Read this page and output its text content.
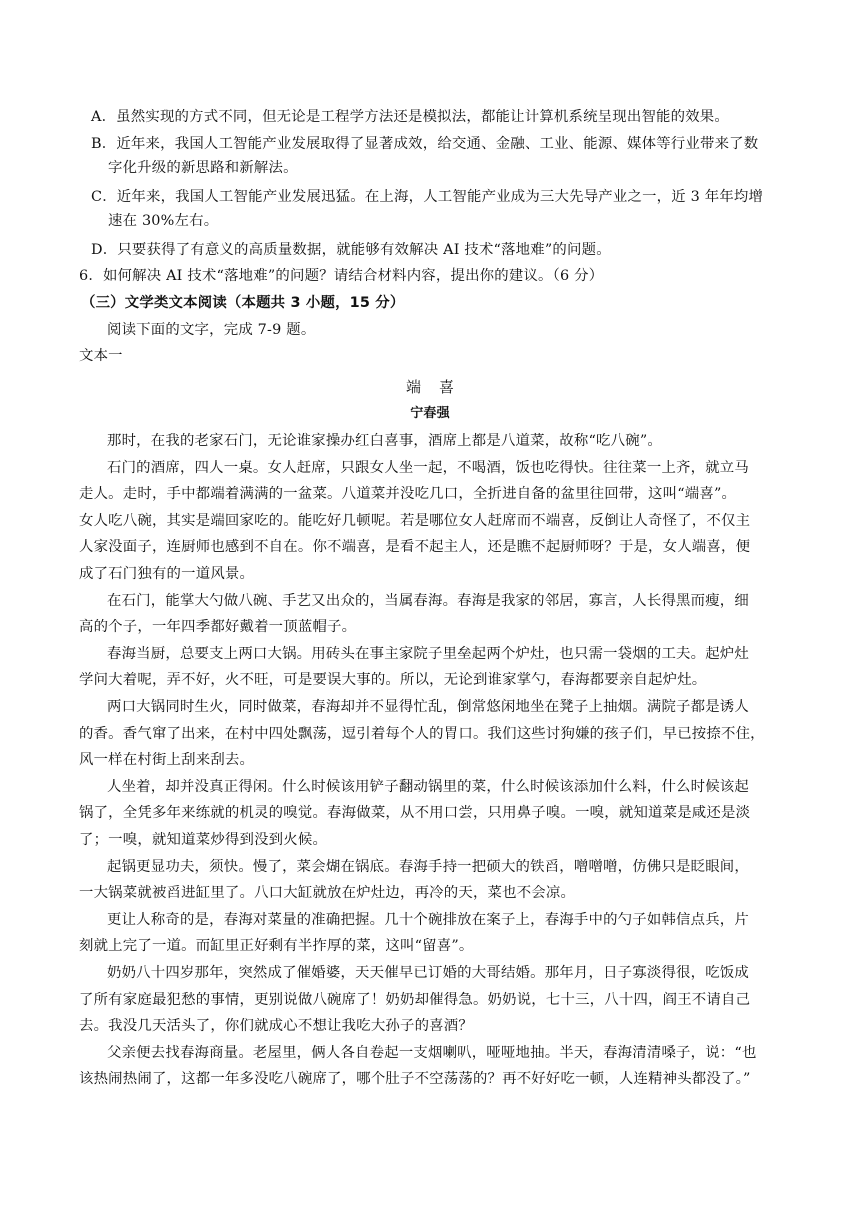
A．虽然实现的方式不同，但无论是工程学方法还是模拟法，都能让计算机系统呈现出智能的效果。
B．近年来，我国人工智能产业发展取得了显著成效，给交通、金融、工业、能源、媒体等行业带来了数
字化升级的新思路和新解法。
C．近年来，我国人工智能产业发展迅猛。在上海，人工智能产业成为三大先导产业之一，近 3 年年均增
速在 30%左右。
D．只要获得了有意义的高质量数据，就能够有效解决 AI 技术“落地难”的问题。
6．如何解决 AI 技术“落地难”的问题？请结合材料内容，提出你的建议。（6 分）
（三）文学类文本阅读（本题共 3 小题，15 分）
阅读下面的文字，完成 7-9 题。
文本一
端喜
宁春强
那时，在我的老家石门，无论谁家操办红白喜事，酒席上都是八道菜，故称“吃八碗”。
石门的酒席，四人一桌。女人赶席，只跟女人坐一起，不喝酒，饭也吃得快。往往菜一上齐，就立马
走人。走时，手中都端着满满的一盆菜。八道菜并没吃几口，全折进自备的盆里往回带，这叫“端喜”。
女人吃八碗，其实是端回家吃的。能吃好几顿呢。若是哪位女人赶席而不端喜，反倒让人奇怪了，不仅主
人家没面子，连厨师也感到不自在。你不端喜，是看不起主人，还是瞧不起厨师呀？于是，女人端喜，便
成了石门独有的一道风景。
在石门，能掌大勺做八碗、手艺又出众的，当属春海。春海是我家的邻居，寡言，人长得黑而瘦，细
高的个子，一年四季都好戴着一顶蓝帽子。
春海当厨，总要支上两口大锅。用砖头在事主家院子里垒起两个炉灶，也只需一袋烟的工夫。起炉灶
学问大着呢，弄不好，火不旺，可是要误大事的。所以，无论到谁家掌勺，春海都要亲自起炉灶。
两口大锅同时生火，同时做菜，春海却并不显得忙乱，倒常悠闲地坐在凳子上抽烟。满院子都是诱人
的香。香气窜了出来，在村中四处飘荡，逗引着每个人的胃口。我们这些讨狗嫌的孩子们，早已按捺不住，
风一样在村街上刮来刮去。
人坐着，却并没真正得闲。什么时候该用铲子翻动锅里的菜，什么时候该添加什么料，什么时候该起
锅了，全凭多年来练就的机灵的嗅觉。春海做菜，从不用口尝，只用鼻子嗅。一嗅，就知道菜是咸还是淡
了；一嗅，就知道菜炒得到没到火候。
起锅更显功夫，须快。慢了，菜会煳在锅底。春海手持一把硕大的铁舀，噌噌噌，仿佛只是眨眼间，
一大锅菜就被舀进缸里了。八口大缸就放在炉灶边，再冷的天，菜也不会凉。
更让人称奇的是，春海对菜量的准确把握。几十个碗排放在案子上，春海手中的勺子如韩信点兵，片
刻就上完了一道。而缸里正好剩有半拃厚的菜，这叫“留喜”。
奶奶八十四岁那年，突然成了催婚婆，天天催早已订婚的大哥结婚。那年月，日子寡淡得很，吃饭成
了所有家庭最犯愁的事情，更别说做八碗席了！奶奶却催得急。奶奶说，七十三，八十四，阎王不请自己
去。我没几天活头了，你们就成心不想让我吃大孙子的喜酒？
父亲便去找春海商量。老屋里，俩人各自卷起一支烟喇叭，哑哑地抽。半天，春海清清嗓子，说：“也
该热闹热闹了，这都一年多没吃八碗席了，哪个肚子不空荡荡的？再不好好吃一顿，人连精神头都没了。”
